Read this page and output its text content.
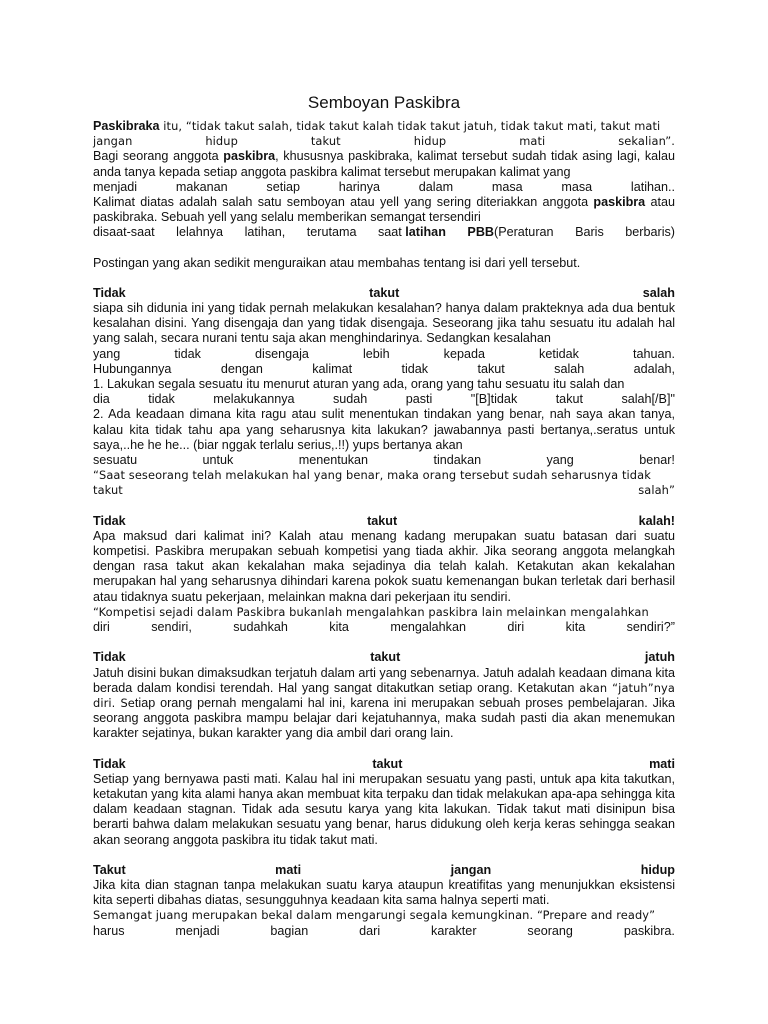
Semboyan Paskibra
Paskibraka itu, “tidak takut salah, tidak takut kalah tidak takut jatuh, tidak takut mati, takut mati
jangan	hidup	takut	hidup	mati	sekalian”.
Bagi seorang anggota paskibra, khususnya paskibraka, kalimat tersebut sudah tidak asing lagi, kalau anda tanya kepada setiap anggota paskibra kalimat tersebut merupakan kalimat yang
menjadi	makanan	setiap	harinya	dalam	masa	masa	latihan..
Kalimat diatas adalah salah satu semboyan atau yell yang sering diteriakkan anggota paskibra atau paskibraka. Sebuah yell yang selalu memberikan semangat tersendiri
disaat-saat lelahnya latihan, terutama saat latihan PBB(Peraturan Baris berbaris)
Postingan yang akan sedikit menguraikan atau membahas tentang isi dari yell tersebut.
Tidak	takut	salah
siapa sih didunia ini yang tidak pernah melakukan kesalahan? hanya dalam prakteknya ada dua bentuk kesalahan disini. Yang disengaja dan yang tidak disengaja. Seseorang jika tahu sesuatu itu adalah hal yang salah, secara nurani tentu saja akan menghindarinya. Sedangkan kesalahan
yang	tidak	disengaja	lebih	kepada	ketidak	tahuan.
Hubungannya	dengan	kalimat	tidak	takut	salah	adalah,
1. Lakukan segala sesuatu itu menurut aturan yang ada, orang yang tahu sesuatu itu salah dan
dia	tidak	melakukannya	sudah	pasti	"[B]tidak	takut	salah[/B]"
2. Ada keadaan dimana kita ragu atau sulit menentukan tindakan yang benar, nah saya akan tanya, kalau kita tidak tahu apa yang seharusnya kita lakukan? jawabannya pasti bertanya,.seratus untuk saya,..he he he... (biar nggak terlalu serius,.!!) yups bertanya akan
sesuatu	untuk	menentukan	tindakan	yang	benar!
“Saat seseorang telah melakukan hal yang benar, maka orang tersebut sudah seharusnya tidak
takut	salah”
Tidak	takut	kalah!
Apa maksud dari kalimat ini? Kalah atau menang kadang merupakan suatu batasan dari suatu kompetisi. Paskibra merupakan sebuah kompetisi yang tiada akhir. Jika seorang anggota melangkah dengan rasa takut akan kekalahan maka sejadinya dia telah kalah. Ketakutan akan kekalahan merupakan hal yang seharusnya dihindari karena pokok suatu kemenangan bukan terletak dari berhasil atau tidaknya suatu pekerjaan, melainkan makna dari pekerjaan itu sendiri.
“Kompetisi sejadi dalam Paskibra bukanlah mengalahkan paskibra lain melainkan mengalahkan
diri	sendiri,	sudahkah	kita	mengalahkan	diri	kita	sendiri?”
Tidak	takut	jatuh
Jatuh disini bukan dimaksudkan terjatuh dalam arti yang sebenarnya. Jatuh adalah keadaan dimana kita berada dalam kondisi terendah. Hal yang sangat ditakutkan setiap orang. Ketakutan akan “jatuh”nya diri. Setiap orang pernah mengalami hal ini, karena ini merupakan sebuah proses pembelajaran. Jika seorang anggota paskibra mampu belajar dari kejatuhannya, maka sudah pasti dia akan menemukan karakter sejatinya, bukan karakter yang dia ambil dari orang lain.
Tidak	takut	mati
Setiap yang bernyawa pasti mati. Kalau hal ini merupakan sesuatu yang pasti, untuk apa kita takutkan, ketakutan yang kita alami hanya akan membuat kita terpaku dan tidak melakukan apa-apa sehingga kita dalam keadaan stagnan. Tidak ada sesutu karya yang kita lakukan. Tidak takut mati disinipun bisa berarti bahwa dalam melakukan sesuatu yang benar, harus didukung oleh kerja keras sehingga seakan akan seorang anggota paskibra itu tidak takut mati.
Takut	mati	jangan	hidup
Jika kita dian stagnan tanpa melakukan suatu karya ataupun kreatifitas yang menunjukkan eksistensi kita seperti dibahas diatas, sesungguhnya keadaan kita sama halnya seperti mati.
Semangat juang merupakan bekal dalam mengarungi segala kemungkinan. “Prepare and ready”
harus	menjadi	bagian	dari	karakter	seorang	paskibra.
